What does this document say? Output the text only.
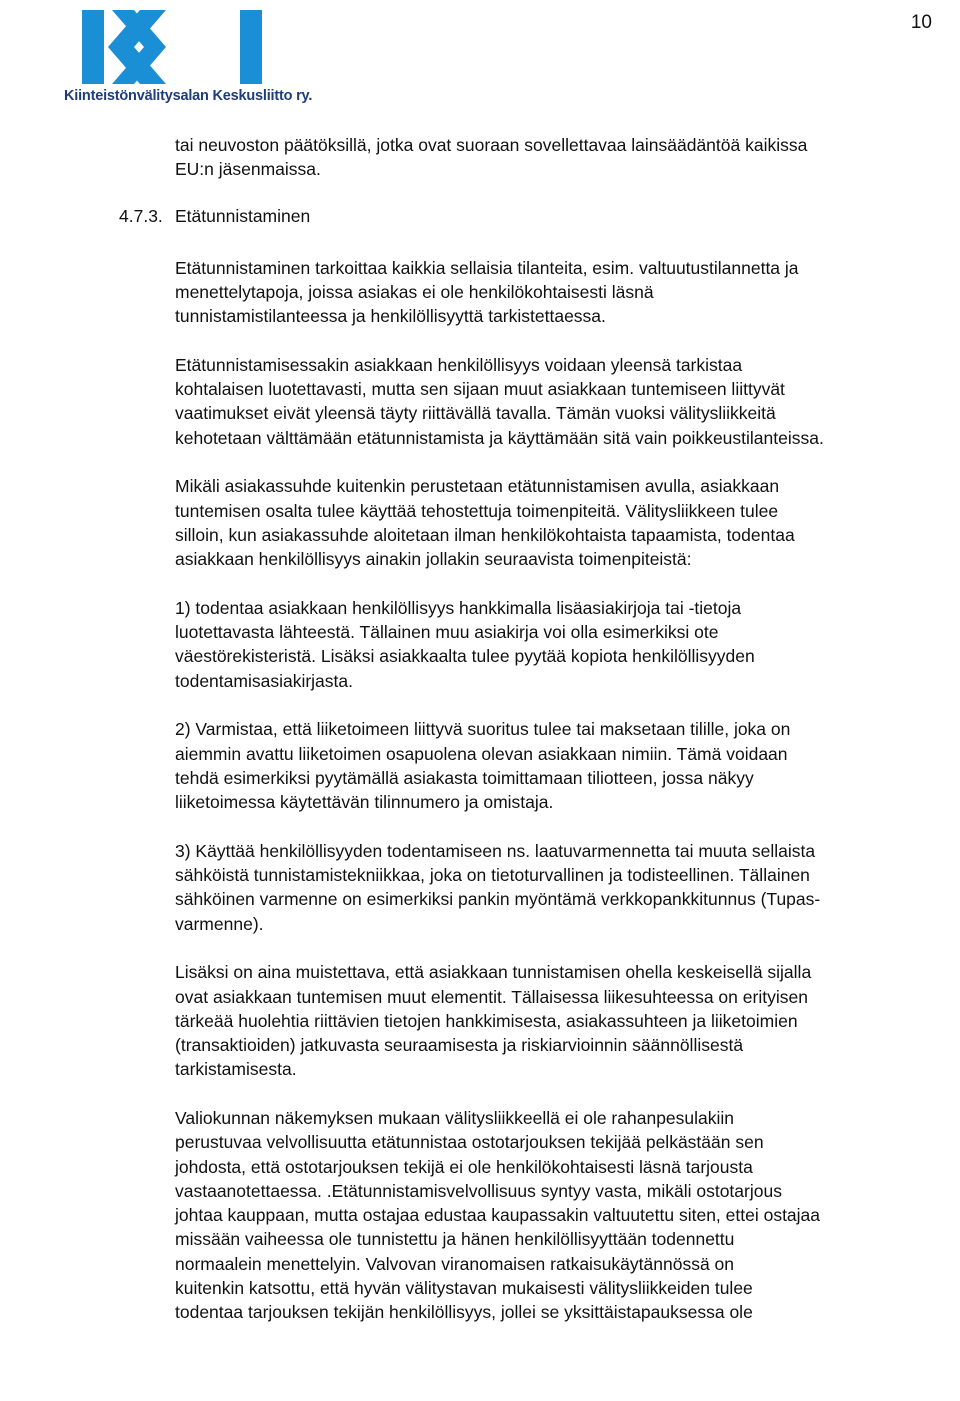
Kiinteistönvälitysalan Keskusliitto ry.
10
4.7.3. Etätunnistaminen

tai neuvoston päätöksillä, jotka ovat suoraan sovellettavaa lainsäädäntöä kaikissa
EU:n jäsenmaissa.

Etätunnistaminen tarkoittaa kaikkia sellaisia tilanteita, esim. valtuutustilannetta ja
menettelytapoja, joissa asiakas ei ole henkilökohtaisesti läsnä
tunnistamistilanteessa ja henkilöllisyyttä tarkistettaessa.

Etätunnistamisessakin asiakkaan henkilöllisyys voidaan yleensä tarkistaa
kohtalaisen luotettavasti, mutta sen sijaan muut asiakkaan tuntemiseen liittyvät
vaatimukset eivät yleensä täyty riittävällä tavalla. Tämän vuoksi välitysliikkeitä
kehotetaan välttämään etätunnistamista ja käyttämään sitä vain poikkeustilanteissa.

Mikäli asiakassuhde kuitenkin perustetaan etätunnistamisen avulla, asiakkaan
tuntemisen osalta tulee käyttää tehostettuja toimenpiteitä. Välitysliikkeen tulee
silloin, kun asiakassuhde aloitetaan ilman henkilökohtaista tapaamista, todentaa
asiakkaan henkilöllisyys ainakin jollakin seuraavista toimenpiteistä:

1) todentaa asiakkaan henkilöllisyys hankkimalla lisäasiakirjoja tai -tietoja
luotettavasta lähteestä. Tällainen muu asiakirja voi olla esimerkiksi ote
väestörekisteristä. Lisäksi asiakkaalta tulee pyytää kopiota henkilöllisyyden
todentamisasiakirjasta.

2) Varmistaa, että liiketoimeen liittyvä suoritus tulee tai maksetaan tilille, joka on
aiemmin avattu liiketoimen osapuolena olevan asiakkaan nimiin. Tämä voidaan
tehdä esimerkiksi pyytämällä asiakasta toimittamaan tiliotteen, jossa näkyy
liiketoimessa käytettävän tilinnumero ja omistaja.

3) Käyttää henkilöllisyyden todentamiseen ns. laatuvarmennetta tai muuta sellaista
sähköistä tunnistamistekniikkaa, joka on tietoturvallinen ja todisteellinen. Tällainen
sähköinen varmenne on esimerkiksi pankin myöntämä verkkopankkitunnus (Tupas-
varmenne).

Lisäksi on aina muistettava, että asiakkaan tunnistamisen ohella keskeisellä sijalla
ovat asiakkaan tuntemisen muut elementit. Tällaisessa liikesuhteessa on erityisen
tärkeää huolehtia riittävien tietojen hankkimisesta, asiakassuhteen ja liiketoimien
(transaktioiden) jatkuvasta seuraamisesta ja riskiarvioinnin säännöllisestä
tarkistamisesta.

Valiokunnan näkemyksen mukaan välitysliikkeellä ei ole rahanpesulakiin
perustuvaa velvollisuutta etätunnistaa ostotarjouksen tekijää pelkästään sen
johdosta, että ostotarjouksen tekijä ei ole henkilökohtaisesti läsnä tarjousta
vastaanotettaessa. .Etätunnistamisvelvollisuus syntyy vasta, mikäli ostotarjous
johtaa kauppaan, mutta ostajaa edustaa kaupassakin valtuutettu siten, ettei ostajaa
missään vaiheessa ole tunnistettu ja hänen henkilöllisyyttään todennettu
normaalein menettelyin. Valvovan viranomaisen ratkaisukäytännössä on
kuitenkin katsottu, että hyvän välitystavan mukaisesti välitysliikkeiden tulee
todentaa tarjouksen tekijän henkilöllisyys, jollei se yksittäistapauksessa ole
